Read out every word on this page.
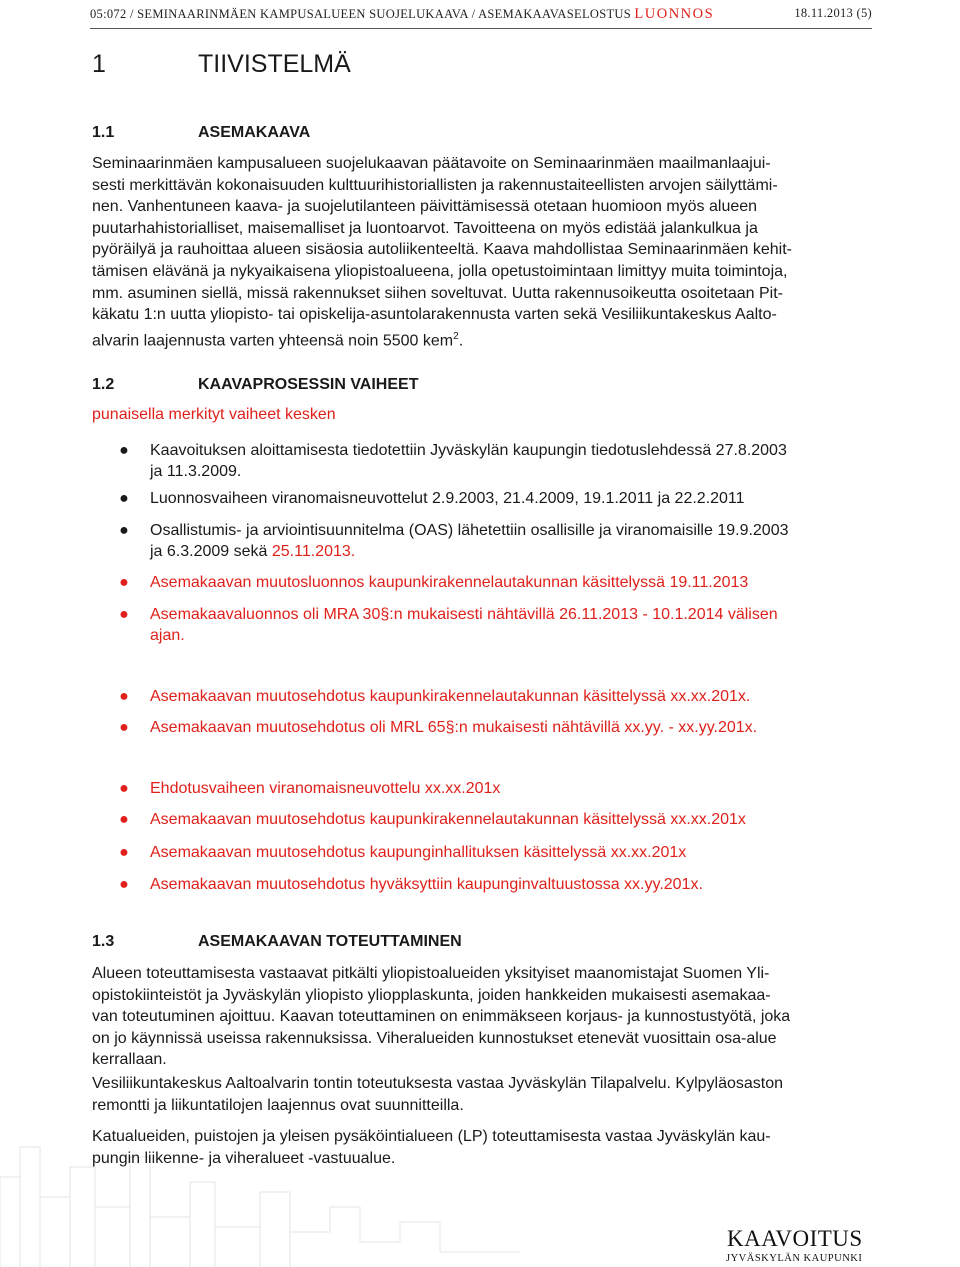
05:072 / SEMINAARINMÄEN KAMPUSALUEEN SUOJELUKAAVA / ASEMAKAAVASELOSTUS LUONNOS	18.11.2013 (5)
1	TIIVISTELMÄ
1.1	ASEMAKAAVA
Seminaarinmäen kampusalueen suojelukaavan päätavoite on Seminaarinmäen maailmanlaajui-
sesti merkittävän kokonaisuuden kulttuurihistoriallisten ja rakennustaiteellisten arvojen säilyttämi-
nen. Vanhentuneen kaava- ja suojelutilanteen päivittämisessä otetaan huomioon myös alueen
puutarhahistorialliset, maisemalliset ja luontoarvot. Tavoitteena on myös edistää jalankulkua ja
pyöräilyä ja rauhoittaa alueen sisäosia autoliikenteeltä. Kaava mahdollistaa Seminaarinmäen kehit-
tämisen elävänä ja nykyaikaisena yliopistoalueena, jolla opetustoimintaan limittyy muita toimintoja,
mm. asuminen siellä, missä rakennukset siihen soveltuvat. Uutta rakennusoikeutta osoitetaan Pit-
käkatu 1:n uutta yliopisto- tai opiskelija-asuntolarakennusta varten sekä Vesiliikuntakeskus Aalto-
alvarin laajennusta varten yhteensä noin 5500 kem$^2$.
1.2	KAAVAPROSESSIN VAIHEET
punaisella merkityt vaiheet kesken
● Kaavoituksen aloittamisesta tiedotettiin Jyväskylän kaupungin tiedotuslehdessä 27.8.2003
ja 11.3.2009.
● Luonnosvaiheen viranomaisneuvottelut 2.9.2003, 21.4.2009, 19.1.2011 ja 22.2.2011
● Osallistumis- ja arviointisuunnitelma (OAS) lähetettiin osallisille ja viranomaisille 19.9.2003
ja 6.3.2009 sekä 25.11.2013.
● Asemakaavan muutosluonnos kaupunkirakennelautakunnan käsittelyssä 19.11.2013
● Asemakaavaluonnos oli MRA 30§:n mukaisesti nähtävillä 26.11.2013 - 10.1.2014 välisen
ajan.
● Asemakaavan muutosehdotus kaupunkirakennelautakunnan käsittelyssä xx.xx.201x.
● Asemakaavan muutosehdotus oli MRL 65§:n mukaisesti nähtävillä xx.yy. - xx.yy.201x.
● Ehdotusvaiheen viranomaisneuvottelu xx.xx.201x
● Asemakaavan muutosehdotus kaupunkirakennelautakunnan käsittelyssä xx.xx.201x
● Asemakaavan muutosehdotus kaupunginhallituksen käsittelyssä xx.xx.201x
● Asemakaavan muutosehdotus hyväksyttiin kaupunginvaltuustossa xx.yy.201x.
1.3	ASEMAKAAVAN TOTEUTTAMINEN
Alueen toteuttamisesta vastaavat pitkälti yliopistoalueiden yksityiset maanomistajat Suomen Yli-
opistokiinteistöt ja Jyväskylän yliopisto yliopplaskunta, joiden hankkeiden mukaisesti asemakaa-
van toteutuminen ajoittuu. Kaavan toteuttaminen on enimmäkseen korjaus- ja kunnostustyötä, joka
on jo käynnissä useissa rakennuksissa. Viheralueiden kunnostukset etenevät vuosittain osa-alue
kerrallaan.
Vesiliikuntakeskus Aaltoalvarin tontin toteutuksesta vastaa Jyväskylän Tilapalvelu. Kylpyläosaston
remontti ja liikuntatilojen laajennus ovat suunnitteilla.
Katualueiden, puistojen ja yleisen pysäköintialueen (LP) toteuttamisesta vastaa Jyväskylän kau-
pungin liikenne- ja viheralueet -vastuualue.
KAAVOITUS
JYVÄSKYLÄN KAUPUNKI
